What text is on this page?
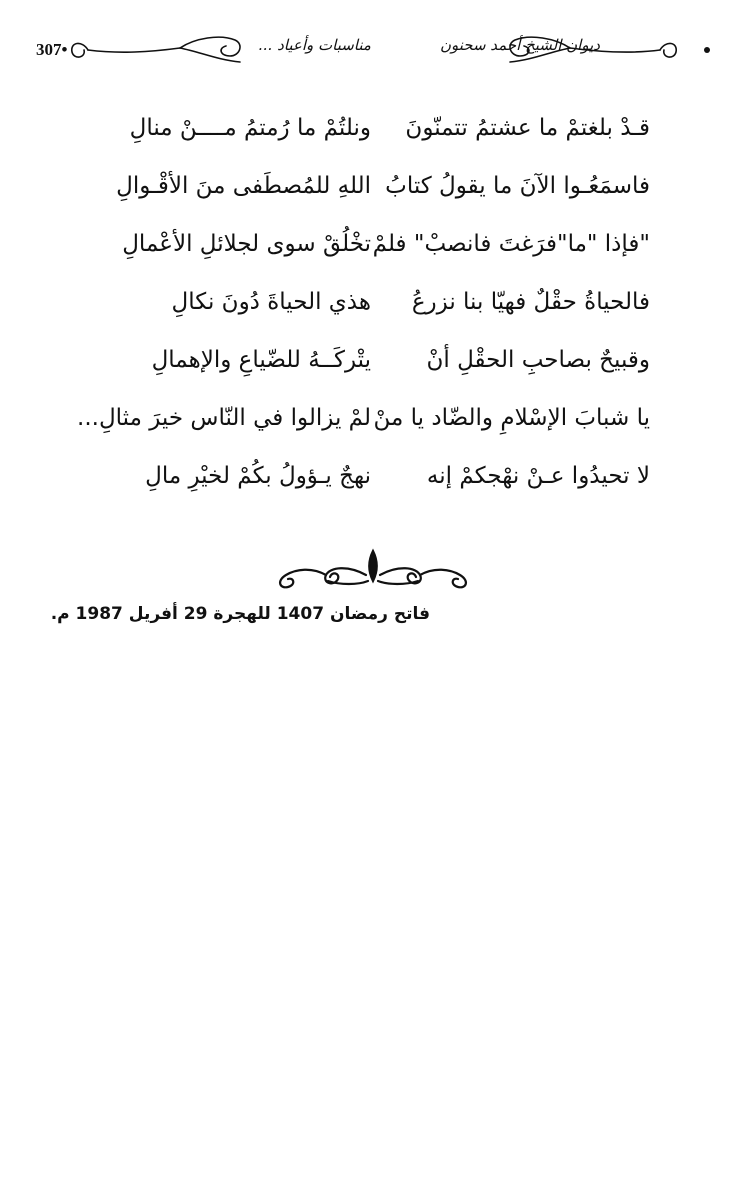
307•	مناسبات وأعياد ...	ديوان الشيخ أحمد سحنون
قـدْ بلغتمْ ما عشتمُ تتمنّونَ
ونلتُمْ ما رُمتمُ مــــنْ منالِ
فاسمَعُـوا الآنَ ما يقولُ كتابُ
اللهِ للمُصطَفى منَ الأقْـوالِ
"فإذا "ما"فرَغتَ فانصبْ" فلمْ
تخْلُقْ سوى لجلائلِ الأعْمالِ
فالحياةُ حقْلٌ فهيّا بنا نزرعُ
هذي الحياةَ دُونَ نكالِ
وقبيحٌ بصاحبِ الحقْلِ أنْ
يتْركَــهُ للضّياعِ والإهمالِ
يا شبابَ الإسْلامِ والضّاد يا منْ
لمْ يزالوا في النّاس خيرَ مثالِ...
لا تحيدُوا عـنْ نهْجكمْ إنه
نهجٌ يـؤولُ بكُمْ لخيْرِ مالِ
فاتح رمضان 1407 للهجرة 29 أفريل 1987 م.
